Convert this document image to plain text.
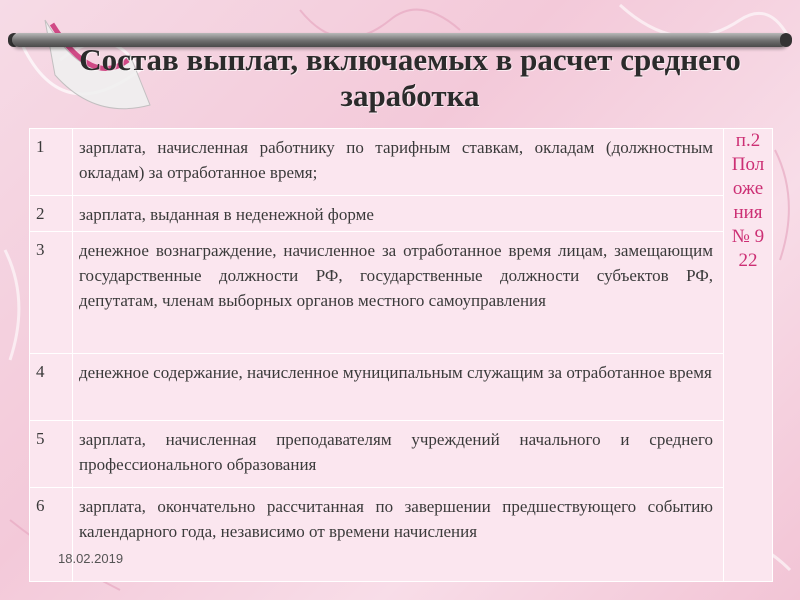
Состав выплат, включаемых в расчет среднего заработка
1	зарплата, начисленная работнику по тарифным ставкам, окладам (должностным окладам) за отработанное время;	п.2 Положения № 922

2	зарплата, выданная в неденежной форме	
3	денежное вознаграждение, начисленное за отработанное время лицам, замещающим государственные должности РФ, государственные должности субъектов РФ, депутатам, членам выборных органов местного самоуправления	
4	денежное содержание, начисленное муниципальным служащим за отработанное время	
5	зарплата, начисленная преподавателям учреждений начального и среднего профессионального образования	
6	зарплата, окончательно рассчитанная по завершении предшествующего событию календарного года, независимо от времени начисления	
18.02.2019
